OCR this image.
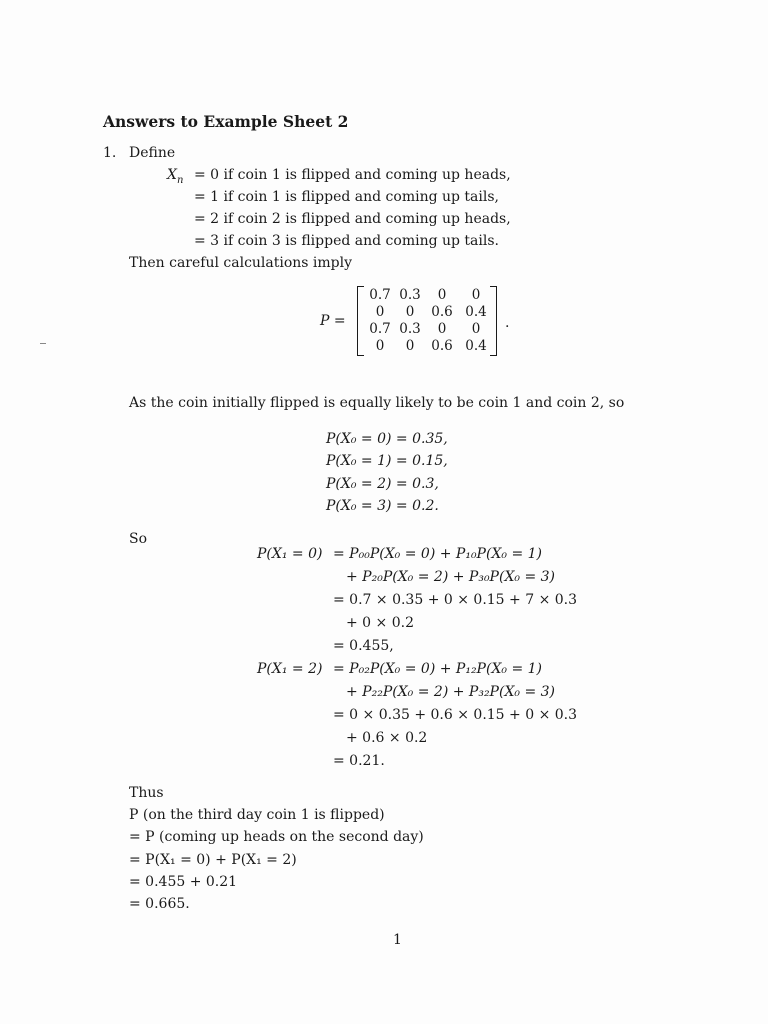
Answers to Example Sheet 2
1. Define
$X_n = 0$ if coin 1 is flipped and coming up heads,
= 1 if coin 1 is flipped and coming up tails,
= 2 if coin 2 is flipped and coming up heads,
= 3 if coin 3 is flipped and coming up tails.
Then careful calculations imply
P =
0.7 0.3	0	0
0	0	0.6 0.4
0.7 0.3	0	0
0	0	0.6 0.4
.
As the coin initially flipped is equally likely to be coin 1 and coin 2, so
P(X₀ = 0) = 0.35,
P(X₀ = 1) = 0.15,
P(X₀ = 2) = 0.3,
P(X₀ = 3) = 0.2.
So
P(X₁ = 0) = P₀₀P(X₀ = 0) + P₁₀P(X₀ = 1)
+ P₂₀P(X₀ = 2) + P₃₀P(X₀ = 3)
= 0.7 × 0.35 + 0 × 0.15 + 7 × 0.3
+ 0 × 0.2
= 0.455,
P(X₁ = 2) = P₀₂P(X₀ = 0) + P₁₂P(X₀ = 1)
+ P₂₂P(X₀ = 2) + P₃₂P(X₀ = 3)
= 0 × 0.35 + 0.6 × 0.15 + 0 × 0.3
+ 0.6 × 0.2
= 0.21.
Thus
P (on the third day coin 1 is flipped)
= P (coming up heads on the second day)
= P(X₁ = 0) + P(X₁ = 2)
= 0.455 + 0.21
= 0.665.
1
